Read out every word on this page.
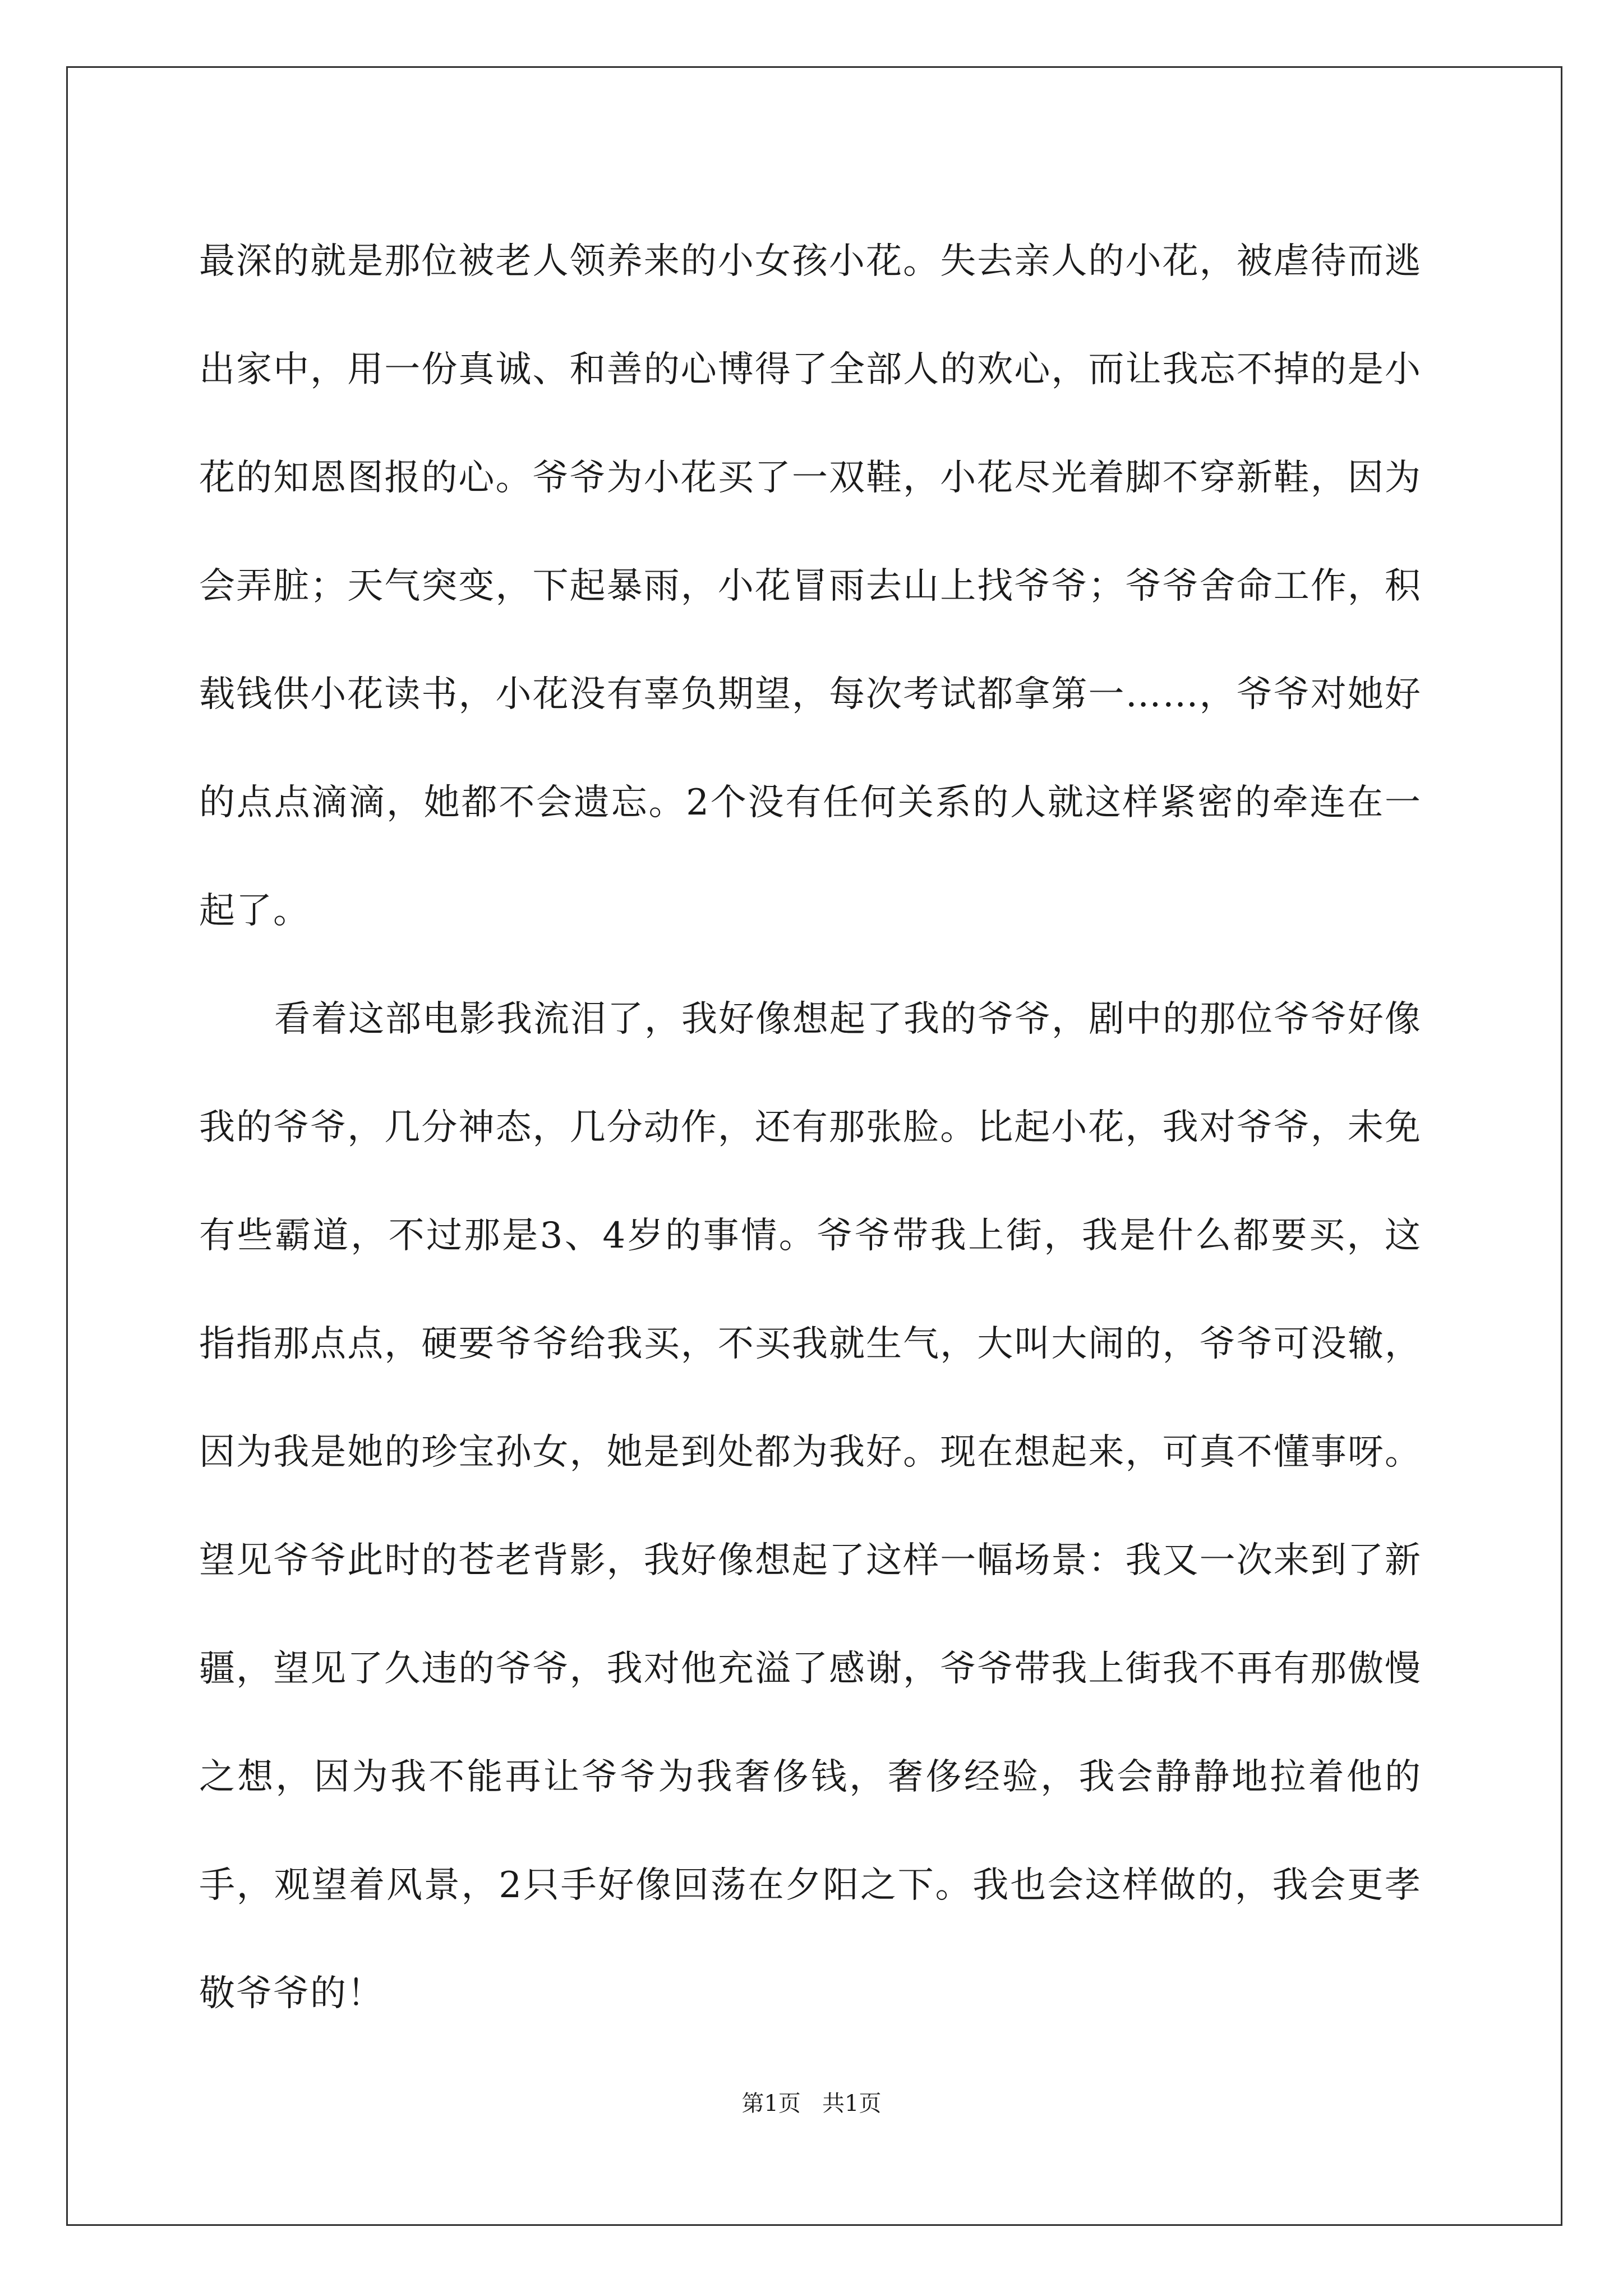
最深的就是那位被老人领养来的小女孩小花。失去亲人的小花，被虐待而逃出家中，用一份真诚、和善的心博得了全部人的欢心，而让我忘不掉的是小花的知恩图报的心。爷爷为小花买了一双鞋，小花尽光着脚不穿新鞋，因为会弄脏；天气突变，下起暴雨，小花冒雨去山上找爷爷；爷爷舍命工作，积载钱供小花读书，小花没有辜负期望，每次考试都拿第一……，爷爷对她好的点点滴滴，她都不会遗忘。2个没有任何关系的人就这样紧密的牵连在一起了。

看着这部电影我流泪了，我好像想起了我的爷爷，剧中的那位爷爷好像我的爷爷，几分神态，几分动作，还有那张脸。比起小花，我对爷爷，未免有些霸道，不过那是3、4岁的事情。爷爷带我上街，我是什么都要买，这指指那点点，硬要爷爷给我买，不买我就生气，大叫大闹的，爷爷可没辙，因为我是她的珍宝孙女，她是到处都为我好。现在想起来，可真不懂事呀。望见爷爷此时的苍老背影，我好像想起了这样一幅场景：我又一次来到了新疆，望见了久违的爷爷，我对他充溢了感谢，爷爷带我上街我不再有那傲慢之想，因为我不能再让爷爷为我奢侈钱，奢侈经验，我会静静地拉着他的手，观望着风景，2只手好像回荡在夕阳之下。我也会这样做的，我会更孝敬爷爷的！

第1页   共1页
